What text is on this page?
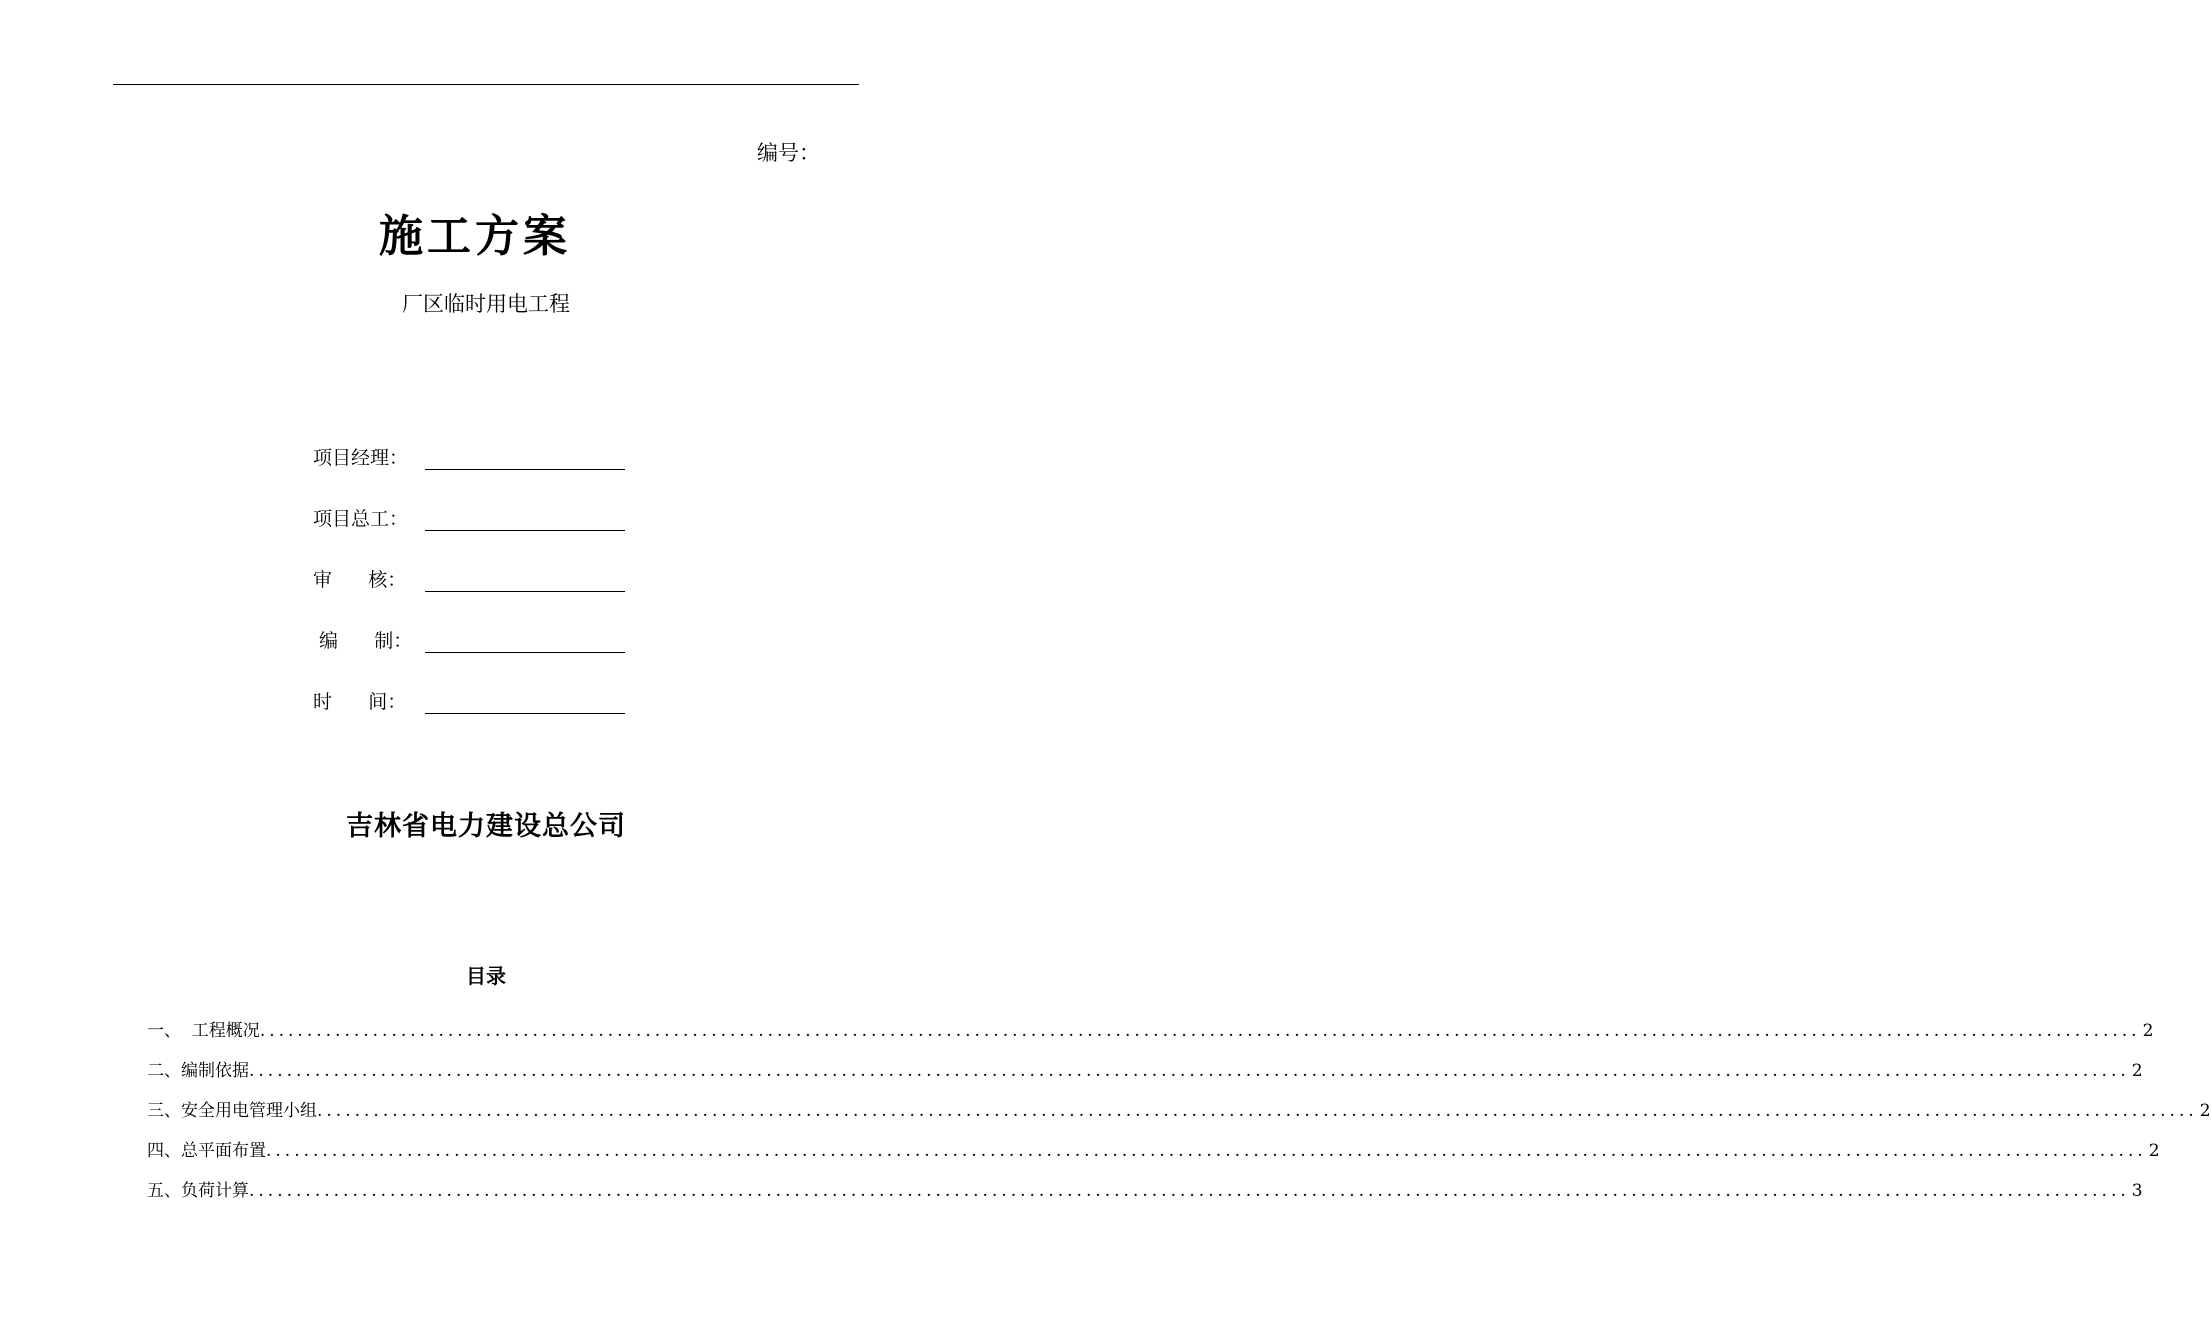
编号：
施工方案
厂区临时用电工程
项目经理：
项目总工：
审      核：
编      制：
时      间：
吉林省电力建设总公司
目录
一、  工程概况 ........................................................................................................................................................................................................ 2
二、编制依据 ........................................................................................................................................................................................................ 2
三、安全用电管理小组 ........................................................................................................................................................................................................ 2
四、总平面布置 ........................................................................................................................................................................................................ 2
五、负荷计算 ........................................................................................................................................................................................................ 3
